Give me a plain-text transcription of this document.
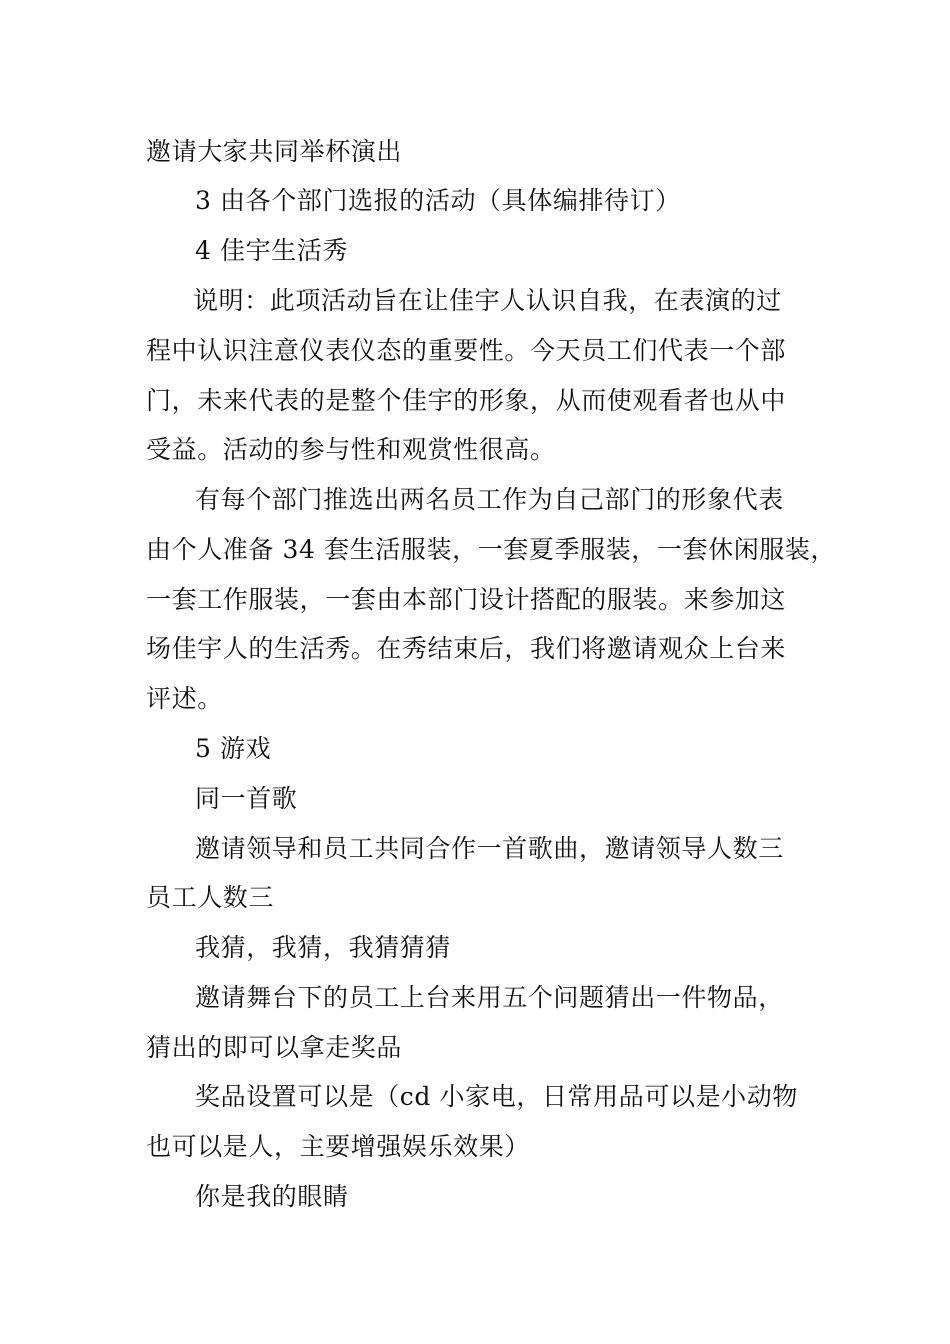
邀请大家共同举杯演出
3 由各个部门选报的活动（具体编排待订）
4 佳宇生活秀
说明：此项活动旨在让佳宇人认识自我，在表演的过
程中认识注意仪表仪态的重要性。今天员工们代表一个部
门，未来代表的是整个佳宇的形象，从而使观看者也从中
受益。活动的参与性和观赏性很高。
有每个部门推选出两名员工作为自己部门的形象代表
由个人准备 34 套生活服装，一套夏季服装，一套休闲服装，
一套工作服装，一套由本部门设计搭配的服装。来参加这
场佳宇人的生活秀。在秀结束后，我们将邀请观众上台来
评述。
5 游戏
同一首歌
邀请领导和员工共同合作一首歌曲，邀请领导人数三
员工人数三
我猜，我猜，我猜猜猜
邀请舞台下的员工上台来用五个问题猜出一件物品，
猜出的即可以拿走奖品
奖品设置可以是（cd 小家电，日常用品可以是小动物
也可以是人，主要增强娱乐效果）
你是我的眼睛
